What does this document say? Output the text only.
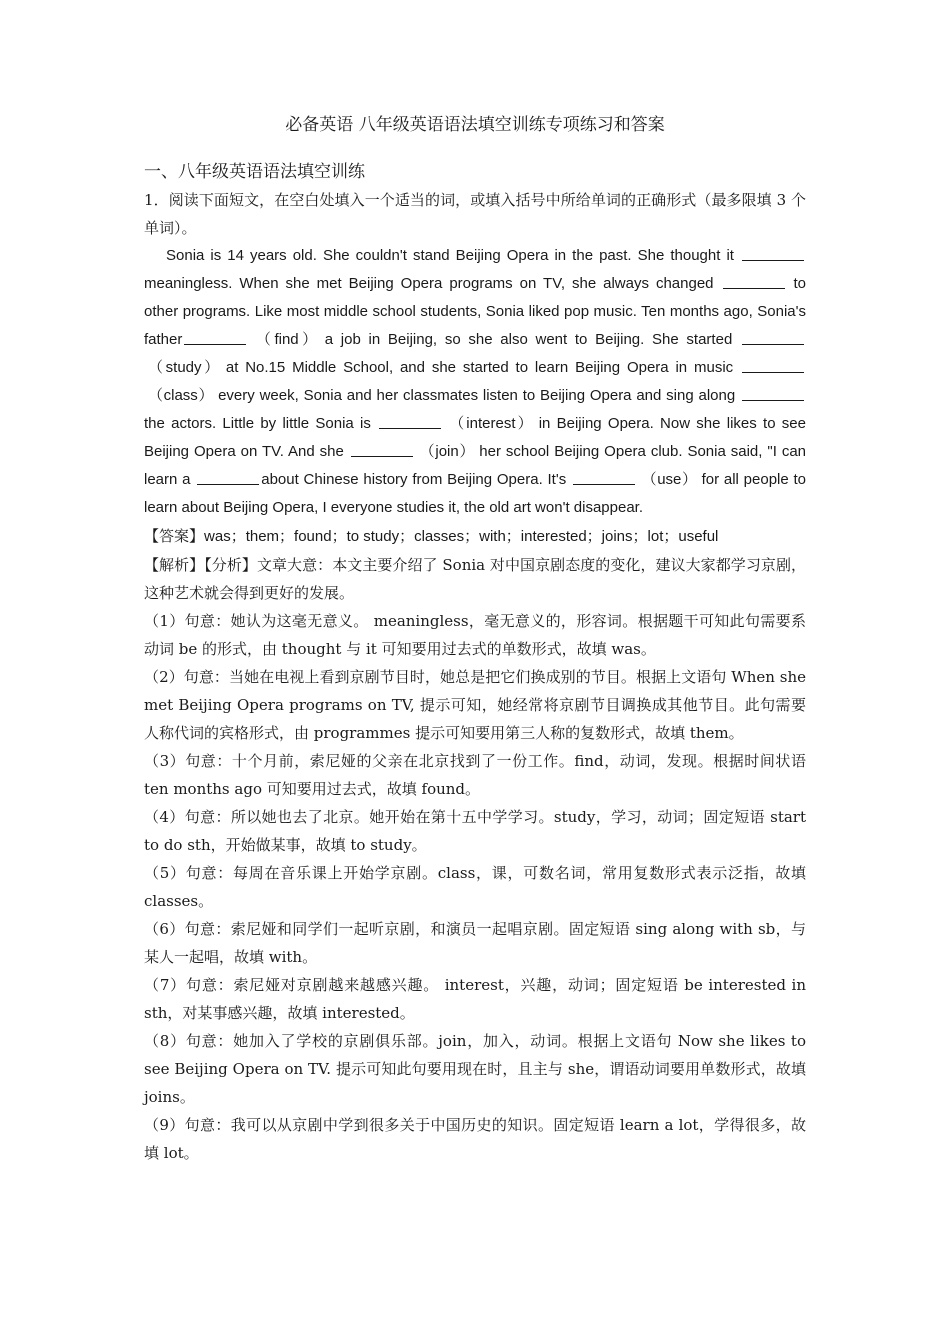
必备英语 八年级英语语法填空训练专项练习和答案
一、八年级英语语法填空训练

1．阅读下面短文，在空白处填入一个适当的词，或填入括号中所给单词的正确形式（最多限填 3 个单词）。

Sonia is 14 years old. She couldn't stand Beijing Opera in the past. She thought it  meaningless. When she met Beijing Opera programs on TV, she always changed	to other programs. Like most middle school students, Sonia liked pop music. Ten months ago, Sonia's father	（find） a job in Beijing, so she also went to Beijing. She started （study） at No.15 Middle School, and she started to learn Beijing Opera in music （class） every week, Sonia and her classmates listen to Beijing Opera and sing along  the actors. Little by little Sonia is	（interest） in Beijing Opera. Now she likes to see Beijing Opera on TV. And she	（join） her school Beijing Opera club. Sonia said, "I can learn a	about Chinese history from Beijing Opera. It's	（use） for all people to learn about Beijing Opera, I everyone studies it, the old art won't disappear.

【答案】was；them；found；to study；classes；with；interested；joins；lot；useful

【解析】【分析】文章大意：本文主要介绍了 Sonia 对中国京剧态度的变化，建议大家都学习京剧，这种艺术就会得到更好的发展。

（1）句意：她认为这毫无意义。 meaningless，毫无意义的，形容词。根据题干可知此句需要系动词 be 的形式，由 thought 与 it 可知要用过去式的单数形式，故填 was。

（2）句意：当她在电视上看到京剧节目时，她总是把它们换成别的节目。根据上文语句 When she met Beijing Opera programs on TV, 提示可知，她经常将京剧节目调换成其他节目。此句需要人称代词的宾格形式，由 programmes 提示可知要用第三人称的复数形式，故填 them。

（3）句意：十个月前，索尼娅的父亲在北京找到了一份工作。find，动词，发现。根据时间状语 ten months ago 可知要用过去式，故填 found。

（4）句意：所以她也去了北京。她开始在第十五中学学习。study，学习，动词；固定短语 start to do sth，开始做某事，故填 to study。

（5）句意：每周在音乐课上开始学京剧。class，课，可数名词，常用复数形式表示泛指，故填 classes。

（6）句意：索尼娅和同学们一起听京剧，和演员一起唱京剧。固定短语 sing along with sb，与某人一起唱，故填 with。

（7）句意：索尼娅对京剧越来越感兴趣。 interest，兴趣，动词；固定短语 be interested in sth，对某事感兴趣，故填 interested。

（8）句意：她加入了学校的京剧俱乐部。join，加入，动词。根据上文语句 Now she likes to see Beijing Opera on TV. 提示可知此句要用现在时，且主与 she，谓语动词要用单数形式，故填 joins。

（9）句意：我可以从京剧中学到很多关于中国历史的知识。固定短语 learn a lot，学得很多，故填 lot。
